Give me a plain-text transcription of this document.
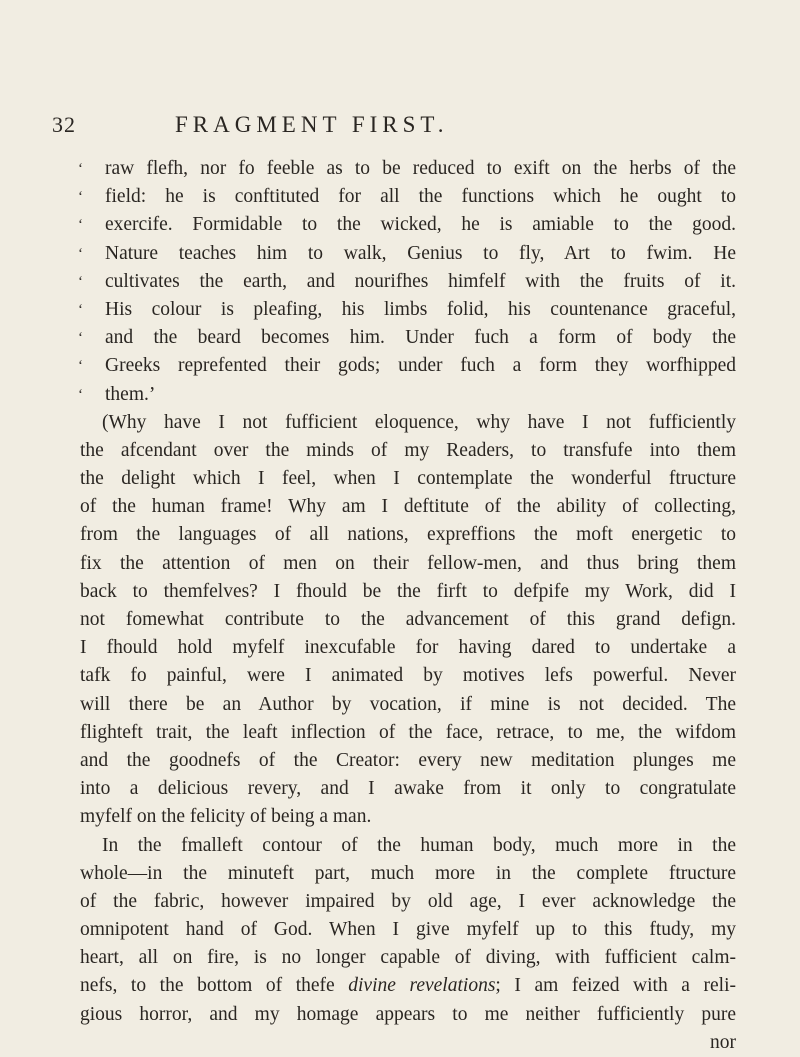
32	FRAGMENT FIRST.
‘ raw flefh, nor fo feeble as to be reduced to exift on the herbs of the
‘ field: he is conftituted for all the functions which he ought to
‘ exercife. Formidable to the wicked, he is amiable to the good.
‘ Nature teaches him to walk, Genius to fly, Art to fwim. He
‘ cultivates the earth, and nourifhes himfelf with the fruits of it.
‘ His colour is pleafing, his limbs folid, his countenance graceful,
‘ and the beard becomes him. Under fuch a form of body the
‘ Greeks reprefented their gods; under fuch a form they worfhipped
‘ them.’
(Why have I not fufficient eloquence, why have I not fufficiently
the afcendant over the minds of my Readers, to transfufe into them
the delight which I feel, when I contemplate the wonderful ftructure
of the human frame! Why am I deftitute of the ability of collecting,
from the languages of all nations, expreffions the moft energetic to
fix the attention of men on their fellow-men, and thus bring them
back to themfelves? I fhould be the firft to defpife my Work, did I
not fomewhat contribute to the advancement of this grand defign.
I fhould hold myfelf inexcufable for having dared to undertake a
tafk fo painful, were I animated by motives lefs powerful. Never
will there be an Author by vocation, if mine is not decided. The
flighteft trait, the leaft inflection of the face, retrace, to me, the wifdom
and the goodnefs of the Creator: every new meditation plunges me
into a delicious revery, and I awake from it only to congratulate
myfelf on the felicity of being a man.
In the fmalleft contour of the human body, much more in the
whole—in the minuteft part, much more in the complete ftructure
of the fabric, however impaired by old age, I ever acknowledge the
omnipotent hand of God. When I give myfelf up to this ftudy, my
heart, all on fire, is no longer capable of diving, with fufficient calm-
nefs, to the bottom of thefe divine revelations; I am feized with a reli-
gious horror, and my homage appears to me neither fufficiently pure
nor
